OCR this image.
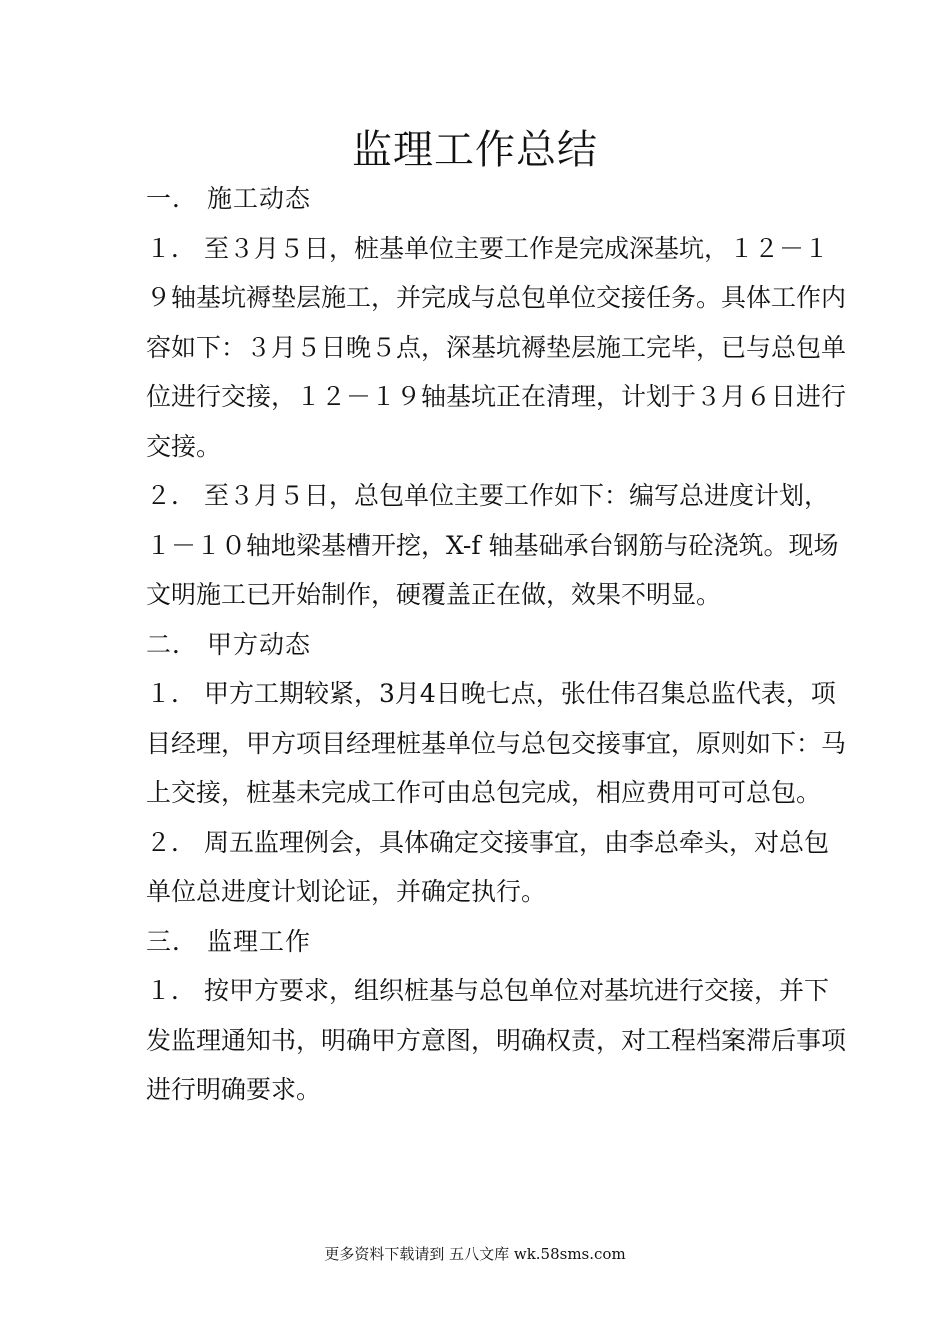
监理工作总结

一． 施工动态

１． 至３月５日，桩基单位主要工作是完成深基坑，１２－１９轴基坑褥垫层施工，并完成与总包单位交接任务。具体工作内容如下：３月５日晚５点，深基坑褥垫层施工完毕，已与总包单位进行交接，１２－１９轴基坑正在清理，计划于３月６日进行交接。

２． 至３月５日，总包单位主要工作如下：编写总进度计划，１－１０轴地梁基槽开挖，X-f 轴基础承台钢筋与砼浇筑。现场文明施工已开始制作，硬覆盖正在做，效果不明显。

二． 甲方动态

１． 甲方工期较紧，3月4日晚七点，张仕伟召集总监代表，项目经理，甲方项目经理桩基单位与总包交接事宜，原则如下：马上交接，桩基未完成工作可由总包完成，相应费用可可总包。

２． 周五监理例会，具体确定交接事宜，由李总牵头，对总包单位总进度计划论证，并确定执行。

三． 监理工作

１． 按甲方要求，组织桩基与总包单位对基坑进行交接，并下发监理通知书，明确甲方意图，明确权责，对工程档案滞后事项进行明确要求。

更多资料下载请到 五八文库 wk.58sms.com
